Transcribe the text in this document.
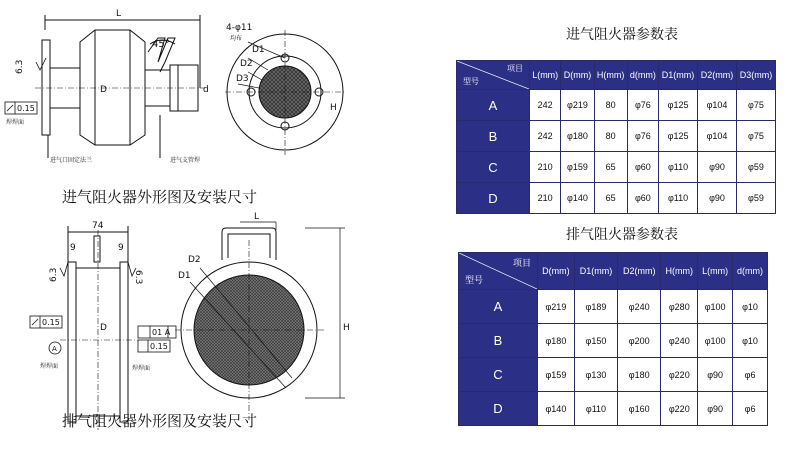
L
45°
d
D
6.3
0.15
焊焊面
进气口固定法兰	进气支管焊
4-φ11
均布
D1
D2
D3
H
74
9	9
6.3	6.3
0.15
01 A
0.15
A
焊焊面	焊焊面
D
L
D2
D1
H
进气阻火器外形图及安装尺寸
排气阻火器外形图及安装尺寸
进气阻火器参数表
项目
型号	L(mm)	D(mm)	H(mm)	d(mm)	D1(mm)	D2(mm)	D3(mm)
A	242	φ219	80	φ76	φ125	φ104	φ75
B	242	φ180	80	φ76	φ125	φ104	φ75
C	210	φ159	65	φ60	φ110	φ90	φ59
D	210	φ140	65	φ60	φ110	φ90	φ59
排气阻火器参数表
项目
型号	D(mm)	D1(mm)	D2(mm)	H(mm)	L(mm)	d(mm)
A	φ219	φ189	φ240	φ280	φ100	φ10
B	φ180	φ150	φ200	φ240	φ100	φ10
C	φ159	φ130	φ180	φ220	φ90	φ6
D	φ140	φ110	φ160	φ220	φ90	φ6
